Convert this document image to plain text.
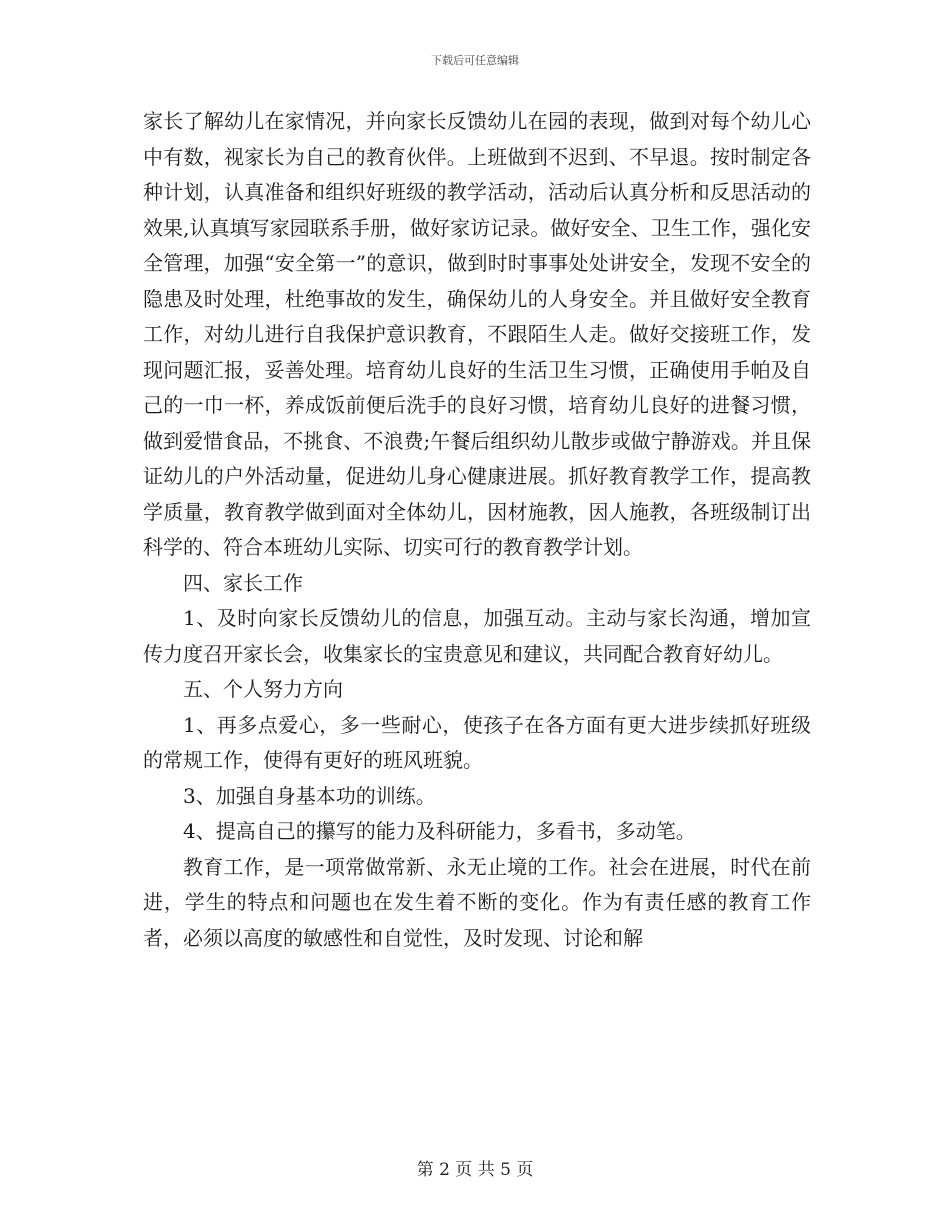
下载后可任意编辑

家长了解幼儿在家情况，并向家长反馈幼儿在园的表现，做到对每个幼儿心中有数，视家长为自己的教育伙伴。上班做到不迟到、不早退。按时制定各种计划，认真准备和组织好班级的教学活动，活动后认真分析和反思活动的效果,认真填写家园联系手册，做好家访记录。做好安全、卫生工作，强化安全管理，加强“安全第一”的意识，做到时时事事处处讲安全，发现不安全的隐患及时处理，杜绝事故的发生，确保幼儿的人身安全。并且做好安全教育工作，对幼儿进行自我保护意识教育，不跟陌生人走。做好交接班工作，发现问题汇报，妥善处理。培育幼儿良好的生活卫生习惯，正确使用手帕及自己的一巾一杯，养成饭前便后洗手的良好习惯，培育幼儿良好的进餐习惯，做到爱惜食品，不挑食、不浪费;午餐后组织幼儿散步或做宁静游戏。并且保证幼儿的户外活动量，促进幼儿身心健康进展。抓好教育教学工作，提高教学质量，教育教学做到面对全体幼儿，因材施教，因人施教，各班级制订出科学的、符合本班幼儿实际、切实可行的教育教学计划。

四、家长工作

1、及时向家长反馈幼儿的信息，加强互动。主动与家长沟通，增加宣传力度召开家长会，收集家长的宝贵意见和建议，共同配合教育好幼儿。

五、个人努力方向

1、再多点爱心，多一些耐心，使孩子在各方面有更大进步续抓好班级的常规工作，使得有更好的班风班貌。

3、加强自身基本功的训练。

4、提高自己的攥写的能力及科研能力，多看书，多动笔。

教育工作，是一项常做常新、永无止境的工作。社会在进展，时代在前进，学生的特点和问题也在发生着不断的变化。作为有责任感的教育工作者，必须以高度的敏感性和自觉性，及时发现、讨论和解

第 2 页 共 5 页
